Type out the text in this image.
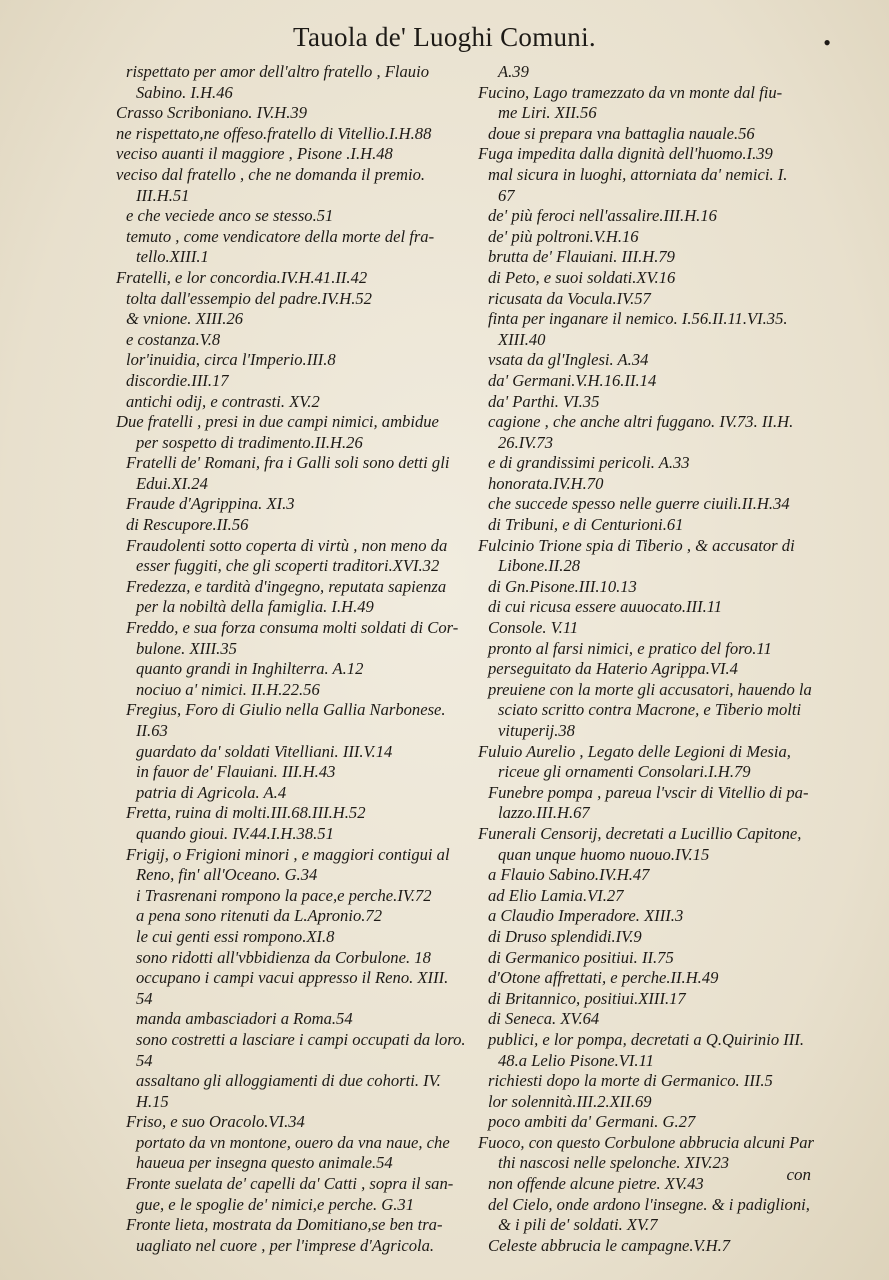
Tauola de' Luoghi Comuni.	•
rispettato per amor dell'altro fratello , Flauio
Sabino. I.H.46
Crasso Scriboniano. IV.H.39
ne rispettato,ne offeso.fratello di Vitellio.I.H.88
veciso auanti il maggiore , Pisone .I.H.48
veciso dal fratello , che ne domanda il premio.
III.H.51
e che veciede anco se stesso.51
temuto , come vendicatore della morte del fra-
tello.XIII.1
Fratelli, e lor concordia.IV.H.41.II.42
tolta dall'essempio del padre.IV.H.52
& vnione. XIII.26
e costanza.V.8
lor'inuidia, circa l'Imperio.III.8
discordie.III.17
antichi odij, e contrasti. XV.2
Due fratelli , presi in due campi nimici, ambidue
per sospetto di tradimento.II.H.26
Fratelli de' Romani, fra i Galli soli sono detti gli
Edui.XI.24
Fraude d'Agrippina. XI.3
di Rescupore.II.56
Fraudolenti sotto coperta di virtù , non meno da
esser fuggiti, che gli scoperti traditori.XVI.32
Fredezza, e tardità d'ingegno, reputata sapienza
per la nobiltà della famiglia. I.H.49
Freddo, e sua forza consuma molti soldati di Cor-
bulone. XIII.35
quanto grandi in Inghilterra. A.12
nociuo a' nimici. II.H.22.56
Fregius, Foro di Giulio nella Gallia Narbonese.
II.63
guardato da' soldati Vitelliani. III.V.14
in fauor de' Flauiani. III.H.43
patria di Agricola. A.4
Fretta, ruina di molti.III.68.III.H.52
quando gioui. IV.44.I.H.38.51
Frigij, o Frigioni minori , e maggiori contigui al
Reno, fin' all'Oceano. G.34
i Trasrenani rompono la pace,e perche.IV.72
a pena sono ritenuti da L.Apronio.72
le cui genti essi rompono.XI.8
sono ridotti all'vbbidienza da Corbulone. 18
occupano i campi vacui appresso il Reno. XIII.
54
manda ambasciadori a Roma.54
sono costretti a lasciare i campi occupati da loro.
54
assaltano gli alloggiamenti di due cohorti. IV.
H.15
Friso, e suo Oracolo.VI.34
portato da vn montone, ouero da vna naue, che
haueua per insegna questo animale.54
Fronte suelata de' capelli da' Catti , sopra il san-
gue, e le spoglie de' nimici,e perche. G.31
Fronte lieta, mostrata da Domitiano,se ben tra-
uagliato nel cuore , per l'imprese d'Agricola.
A.39
Fucino, Lago tramezzato da vn monte dal fiu-
me Liri. XII.56
doue si prepara vna battaglia nauale.56
Fuga impedita dalla dignità dell'huomo.I.39
mal sicura in luoghi, attorniata da' nemici. I.
67
de' più feroci nell'assalire.III.H.16
de' più poltroni.V.H.16
brutta de' Flauiani. III.H.79
di Peto, e suoi soldati.XV.16
ricusata da Vocula.IV.57
finta per inganare il nemico. I.56.II.11.VI.35.
XIII.40
vsata da gl'Inglesi. A.34
da' Germani.V.H.16.II.14
da' Parthi. VI.35
cagione , che anche altri fuggano. IV.73. II.H.
26.IV.73
e di grandissimi pericoli. A.33
honorata.IV.H.70
che succede spesso nelle guerre ciuili.II.H.34
di Tribuni, e di Centurioni.61
Fulcinio Trione spia di Tiberio , & accusator di
Libone.II.28
di Gn.Pisone.III.10.13
di cui ricusa essere auuocato.III.11
Console. V.11
pronto al farsi nimici, e pratico del foro.11
perseguitato da Haterio Agrippa.VI.4
preuiene con la morte gli accusatori, hauendo la
sciato scritto contra Macrone, e Tiberio molti
vituperij.38
Fuluio Aurelio , Legato delle Legioni di Mesia,
riceue gli ornamenti Consolari.I.H.79
Funebre pompa , pareua l'vscir di Vitellio di pa-
lazzo.III.H.67
Funerali Censorij, decretati a Lucillio Capitone,
quan unque huomo nuouo.IV.15
a Flauio Sabino.IV.H.47
ad Elio Lamia.VI.27
a Claudio Imperadore. XIII.3
di Druso splendidi.IV.9
di Germanico positiui. II.75
d'Otone affrettati, e perche.II.H.49
di Britannico, positiui.XIII.17
di Seneca. XV.64
publici, e lor pompa, decretati a Q.Quirinio III.
48.a Lelio Pisone.VI.11
richiesti dopo la morte di Germanico. III.5
lor solennità.III.2.XII.69
poco ambiti da' Germani. G.27
Fuoco, con questo Corbulone abbrucia alcuni Par
thi nascosi nelle spelonche. XIV.23
non offende alcune pietre. XV.43
del Cielo, onde ardono l'insegne. & i padiglioni,
& i pili de' soldati. XV.7
Celeste abbrucia le campagne.V.H.7
con
